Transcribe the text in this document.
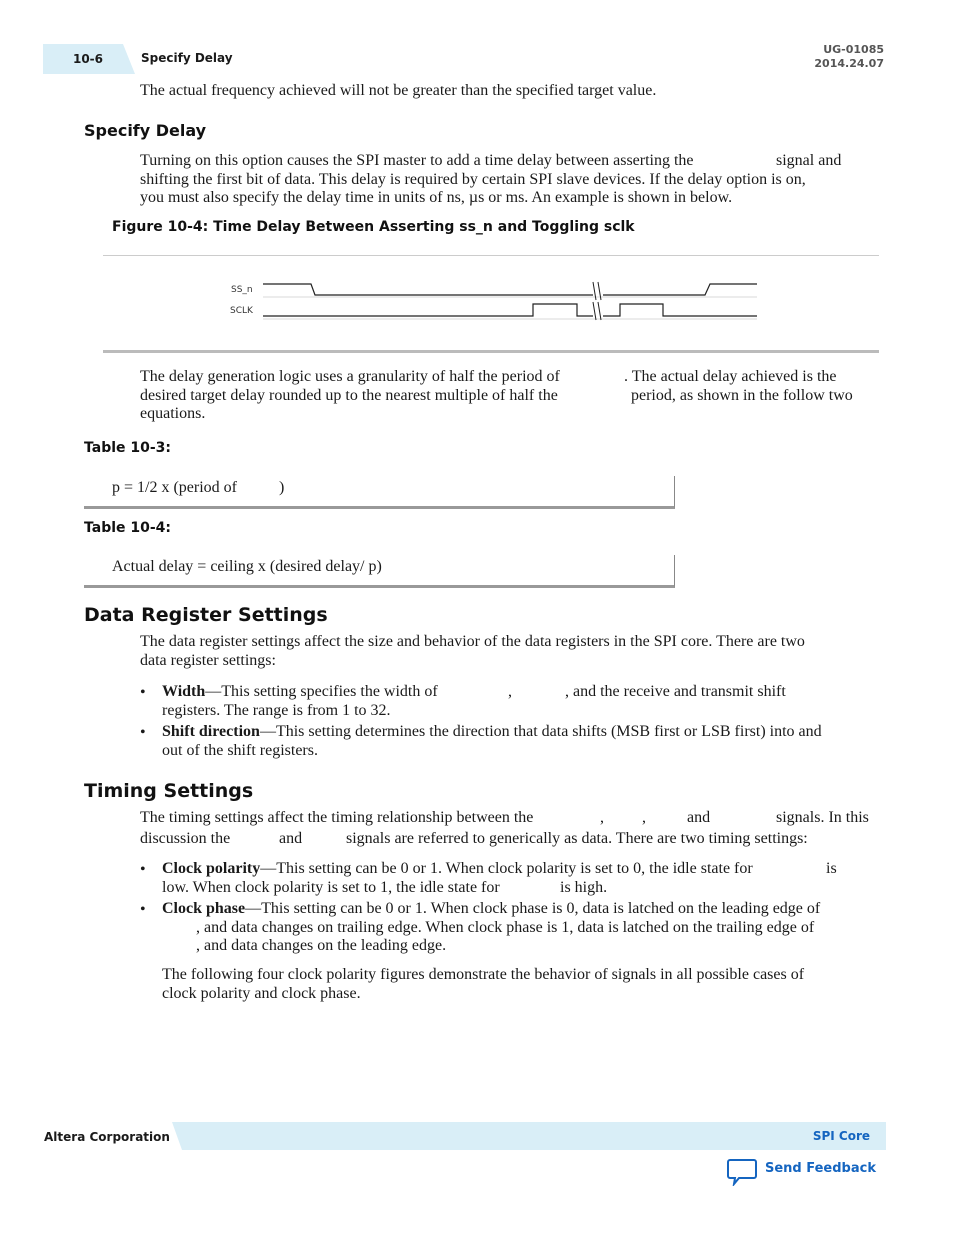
10-6	Specify Delay
UG-01085
2014.24.07
The actual frequency achieved will not be greater than the specified target value.
Specify Delay
Turning on this option causes the SPI master to add a time delay between asserting the	signal and
shifting the first bit of data. This delay is required by certain SPI slave devices. If the delay option is on,
you must also specify the delay time in units of ns, µs or ms. An example is shown in below.
Figure 10-4: Time Delay Between Asserting ss_n and Toggling sclk
SS_n
SCLK
The delay generation logic uses a granularity of half the period of	. The actual delay achieved is the
desired target delay rounded up to the nearest multiple of half the	period, as shown in the follow two
equations.
Table 10-3:
p = 1/2 x (period of	)
Table 10-4:
Actual delay = ceiling x (desired delay/ p)
Data Register Settings
The data register settings affect the size and behavior of the data registers in the SPI core. There are two
data register settings:
• Width—This setting specifies the width of	,	, and the receive and transmit shift
registers. The range is from 1 to 32.
• Shift direction—This setting determines the direction that data shifts (MSB first or LSB first) into and
out of the shift registers.
Timing Settings
The timing settings affect the timing relationship between the	, ,	and	signals. In this
discussion the	and	signals are referred to generically as data. There are two timing settings:
• Clock polarity—This setting can be 0 or 1. When clock polarity is set to 0, the idle state for	is
low. When clock polarity is set to 1, the idle state for	is high.
• Clock phase—This setting can be 0 or 1. When clock phase is 0, data is latched on the leading edge of
, and data changes on trailing edge. When clock phase is 1, data is latched on the trailing edge of
, and data changes on the leading edge.
The following four clock polarity figures demonstrate the behavior of signals in all possible cases of
clock polarity and clock phase.
Altera Corporation	SPI Core
Send Feedback
